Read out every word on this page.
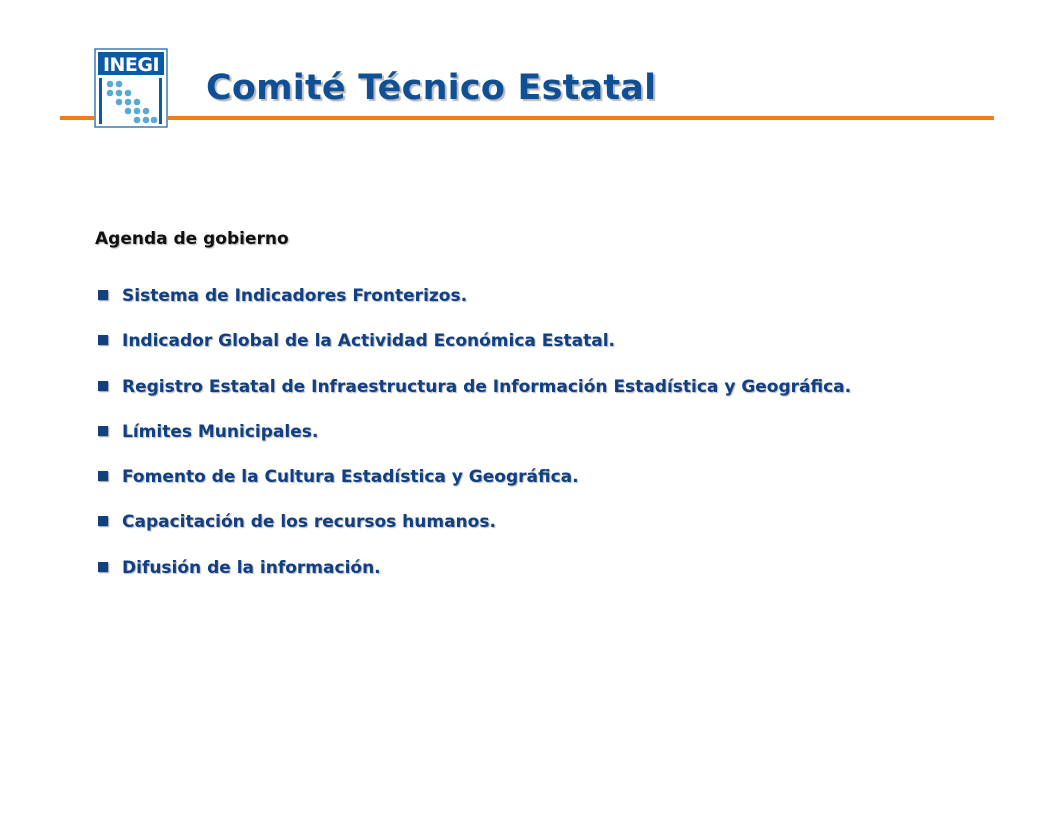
INEGI
Comité Técnico Estatal
Agenda de gobierno
Sistema de Indicadores Fronterizos.
Indicador Global de la Actividad Económica Estatal.
Registro Estatal de Infraestructura de Información Estadística y Geográfica.
Límites Municipales.
Fomento de la Cultura Estadística y Geográfica.
Capacitación de los recursos humanos.
Difusión de la información.
